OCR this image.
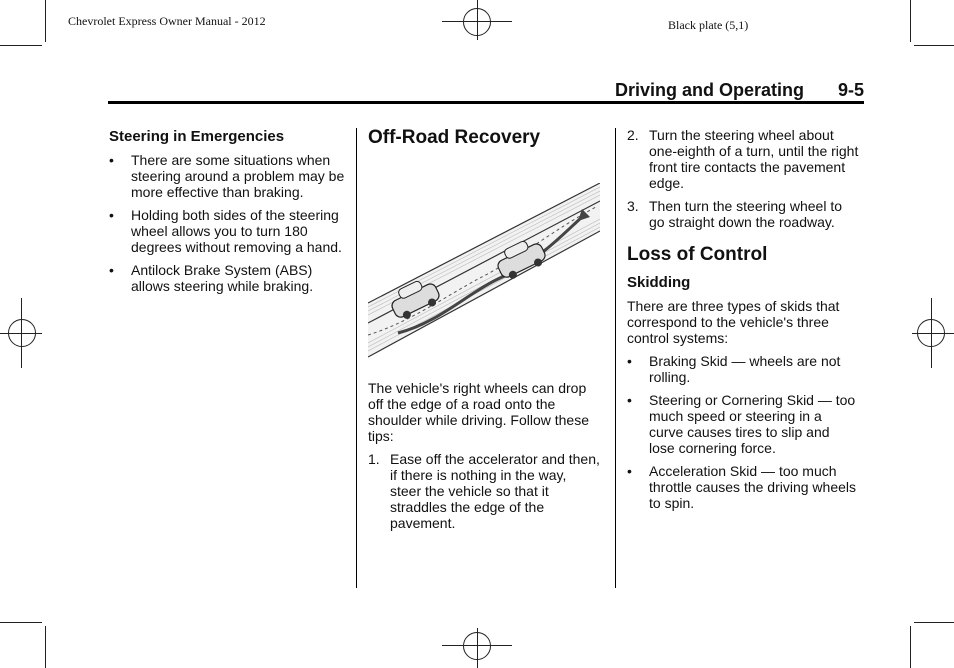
Chevrolet Express Owner Manual - 2012	Black plate (5,1)
Driving and Operating 9-5
Steering in Emergencies
• There are some situations when steering around a problem may be more effective than braking.
• Holding both sides of the steering wheel allows you to turn 180 degrees without removing a hand.
• Antilock Brake System (ABS) allows steering while braking.
Off-Road Recovery

The vehicle's right wheels can drop off the edge of a road onto the shoulder while driving. Follow these tips:

1. Ease off the accelerator and then, if there is nothing in the way, steer the vehicle so that it straddles the edge of the pavement.
2. Turn the steering wheel about one-eighth of a turn, until the right front tire contacts the pavement edge.
3. Then turn the steering wheel to go straight down the roadway.
Loss of Control
Skidding

There are three types of skids that correspond to the vehicle's three control systems:

• Braking Skid — wheels are not rolling.
• Steering or Cornering Skid — too much speed or steering in a curve causes tires to slip and lose cornering force.
• Acceleration Skid — too much throttle causes the driving wheels to spin.
